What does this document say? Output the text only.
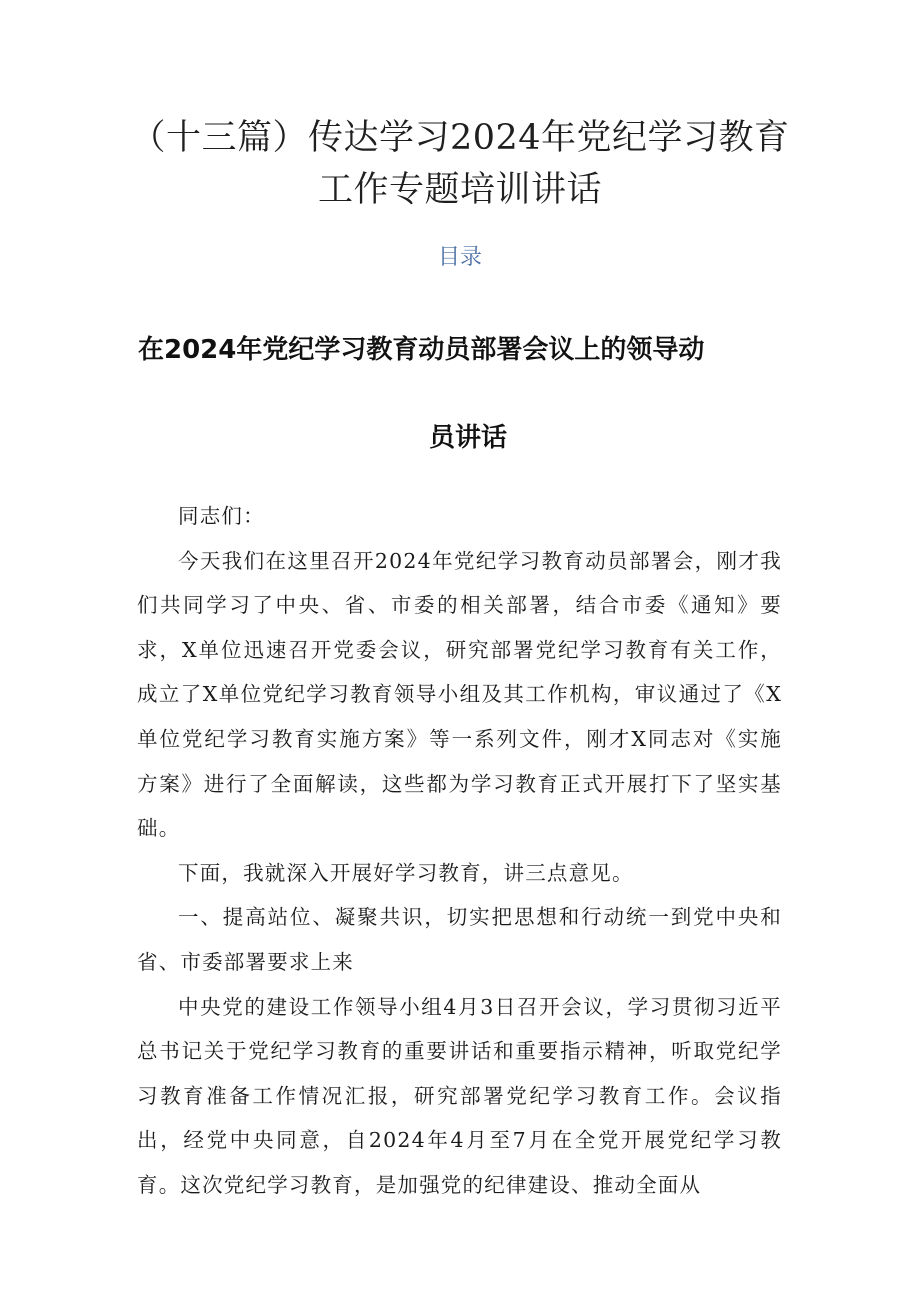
（十三篇）传达学习2024年党纪学习教育
工作专题培训讲话
目录
在2024年党纪学习教育动员部署会议上的领导动
员讲话

同志们：

今天我们在这里召开2024年党纪学习教育动员部署会，刚才我们共同学习了中央、省、市委的相关部署，结合市委《通知》要求，X单位迅速召开党委会议，研究部署党纪学习教育有关工作，成立了X单位党纪学习教育领导小组及其工作机构，审议通过了《X单位党纪学习教育实施方案》等一系列文件，刚才X同志对《实施方案》进行了全面解读，这些都为学习教育正式开展打下了坚实基础。

下面，我就深入开展好学习教育，讲三点意见。

一、提高站位、凝聚共识，切实把思想和行动统一到党中央和省、市委部署要求上来

中央党的建设工作领导小组4月3日召开会议，学习贯彻习近平总书记关于党纪学习教育的重要讲话和重要指示精神，听取党纪学习教育准备工作情况汇报，研究部署党纪学习教育工作。会议指出，经党中央同意，自2024年4月至7月在全党开展党纪学习教育。这次党纪学习教育，是加强党的纪律建设、推动全面从
